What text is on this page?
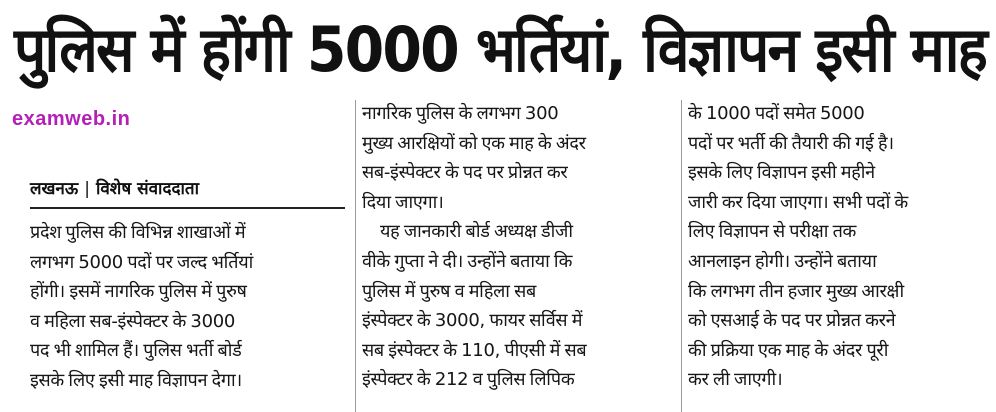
पुलिस में होंगी 5000 भर्तियां, विज्ञापन इसी माह
examweb.in
लखनऊ | विशेष संवाददाता
प्रदेश पुलिस की विभिन्न शाखाओं में
लगभग 5000 पदों पर जल्द भर्तियां
होंगी। इसमें नागरिक पुलिस में पुरुष
व महिला सब-इंस्पेक्टर के 3000
पद भी शामिल हैं। पुलिस भर्ती बोर्ड
इसके लिए इसी माह विज्ञापन देगा।
नागरिक पुलिस के लगभग 300
मुख्य आरक्षियों को एक माह के अंदर
सब-इंस्पेक्टर के पद पर प्रोन्नत कर
दिया जाएगा।
यह जानकारी बोर्ड अध्यक्ष डीजी
वीके गुप्ता ने दी। उन्होंने बताया कि
पुलिस में पुरुष व महिला सब
इंस्पेक्टर के 3000, फायर सर्विस में
सब इंस्पेक्टर के 110, पीएसी में सब
इंस्पेक्टर के 212 व पुलिस लिपिक
के 1000 पदों समेत 5000
पदों पर भर्ती की तैयारी की गई है।
इसके लिए विज्ञापन इसी महीने
जारी कर दिया जाएगा। सभी पदों के
लिए विज्ञापन से परीक्षा तक
आनलाइन होगी। उन्होंने बताया
कि लगभग तीन हजार मुख्य आरक्षी
को एसआई के पद पर प्रोन्नत करने
की प्रक्रिया एक माह के अंदर पूरी
कर ली जाएगी।
